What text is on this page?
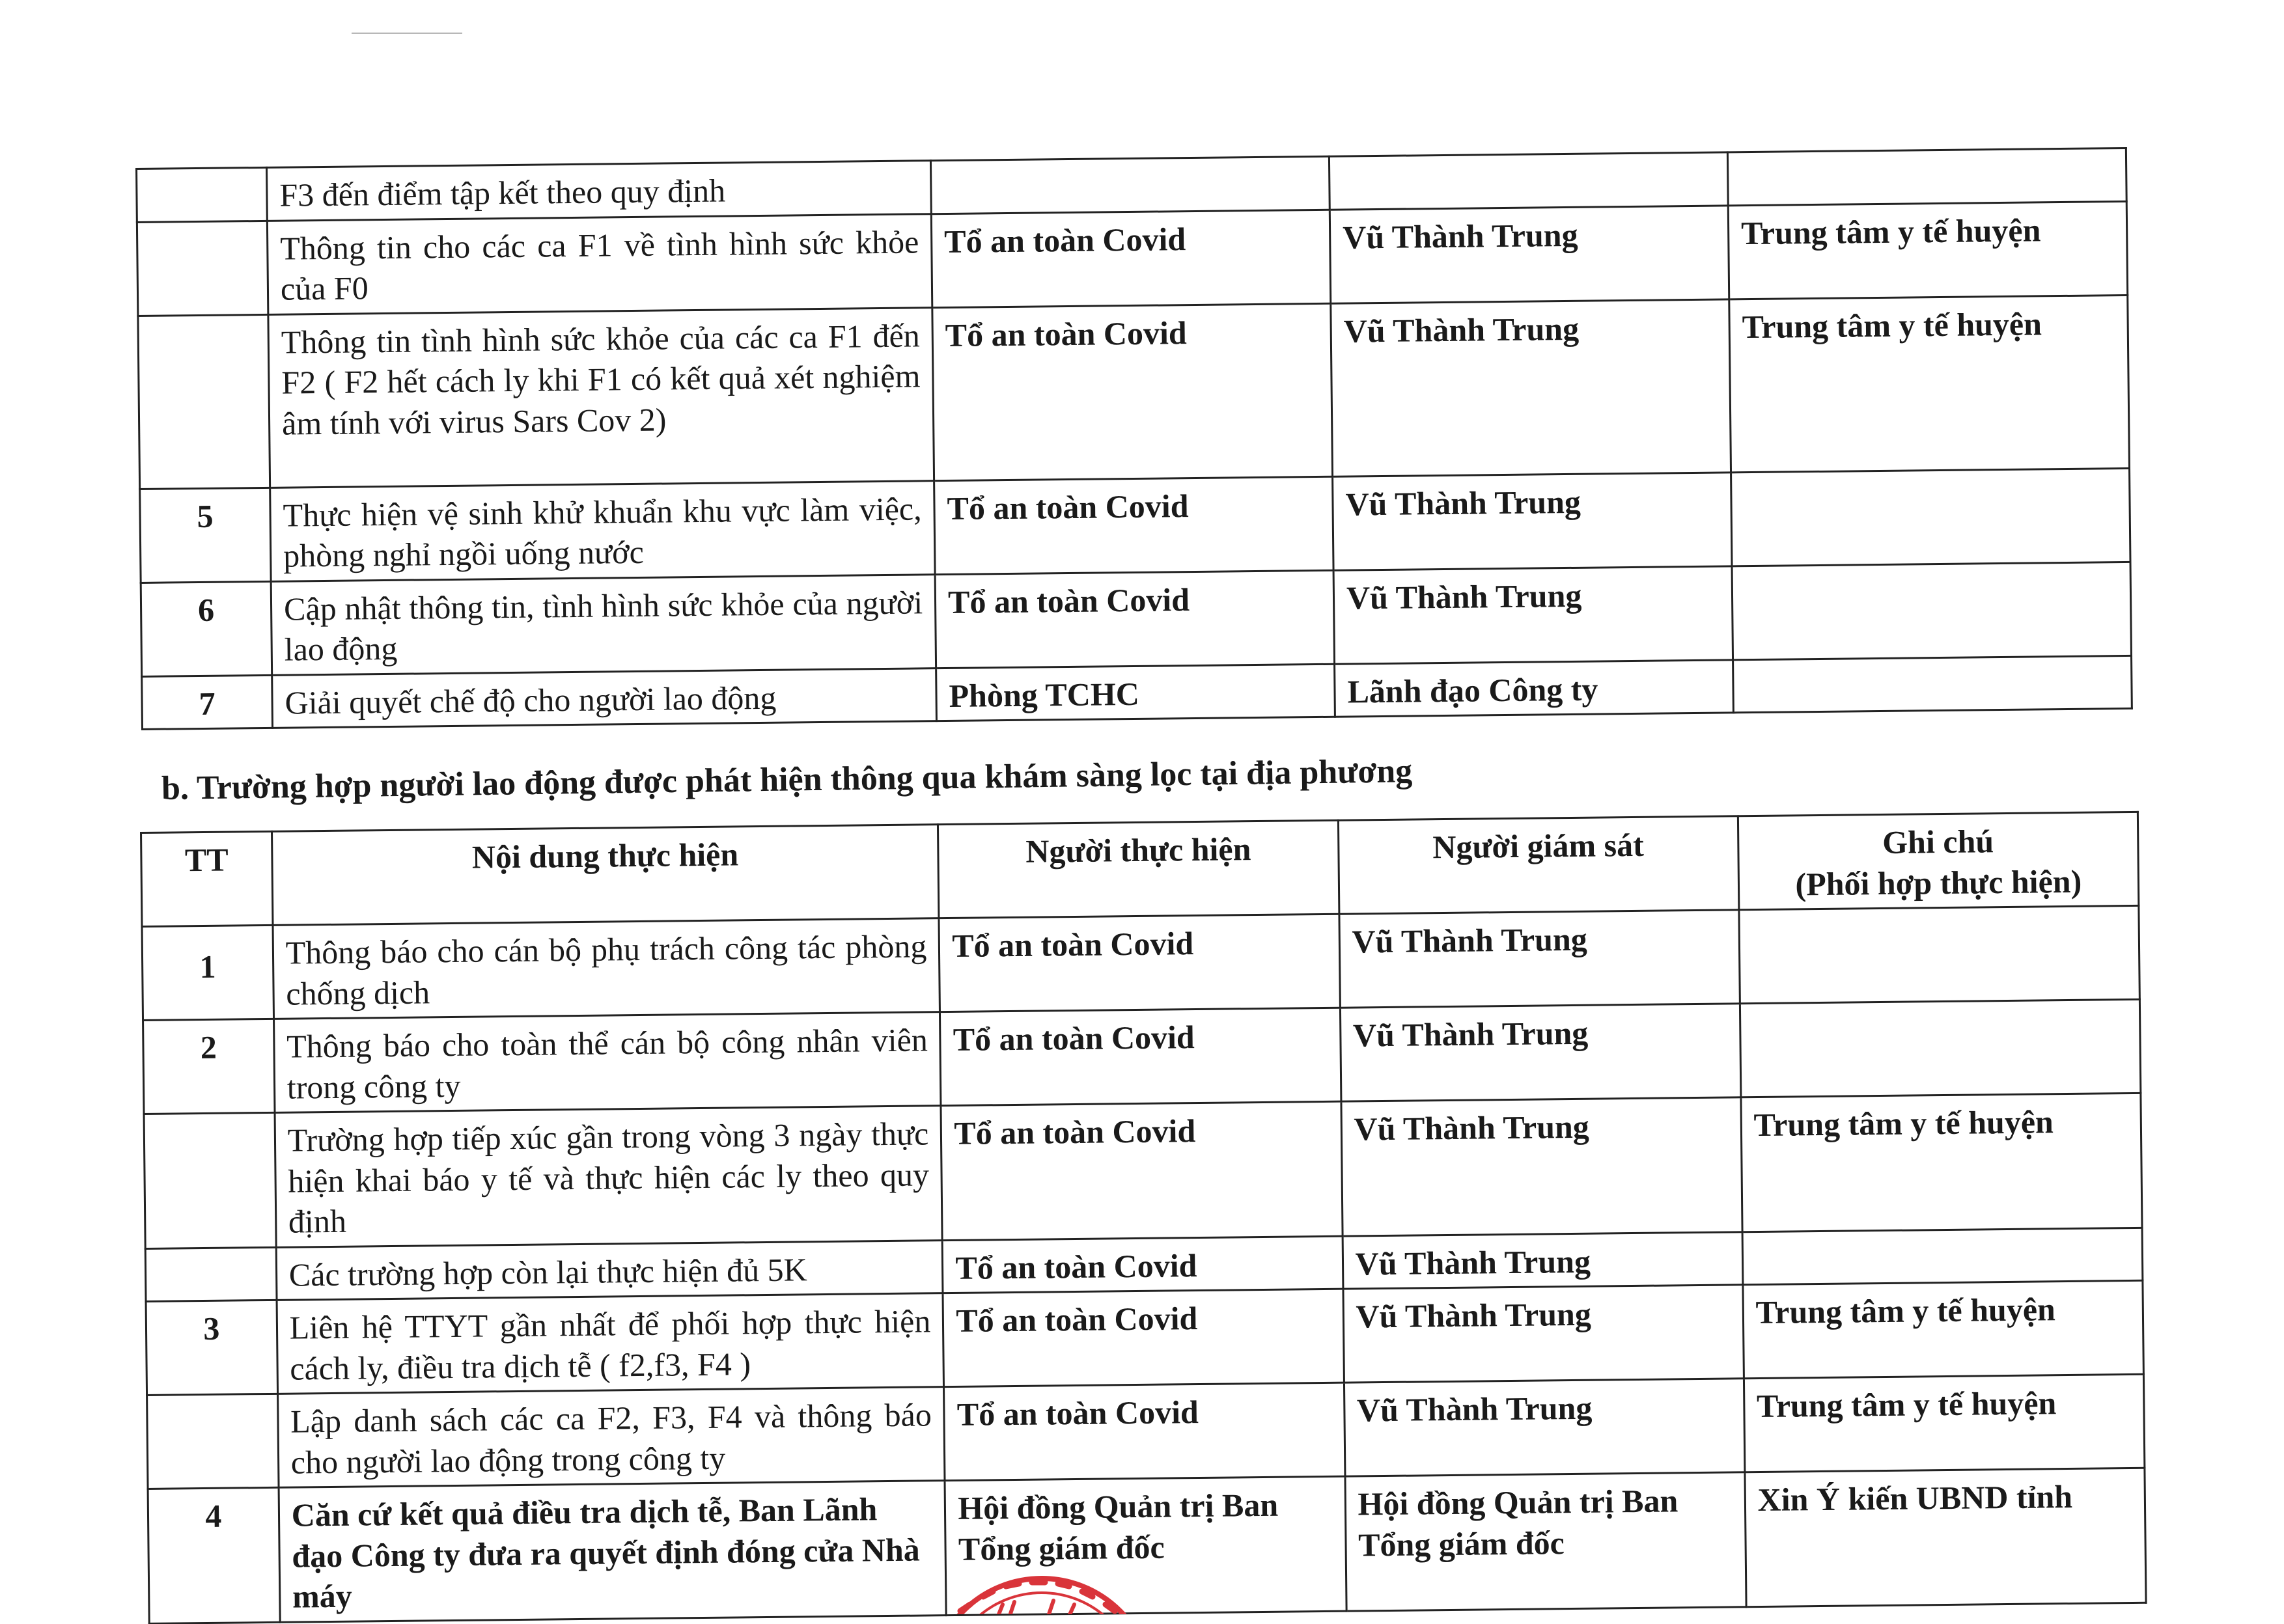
	F3 đến điểm tập kết theo quy định			
	Thông tin cho các ca F1 về tình hình sức khỏe của F0	Tổ an toàn Covid	Vũ Thành Trung	Trung tâm y tế huyện
	Thông tin tình hình sức khỏe của các ca F1 đến F2 ( F2 hết cách ly khi F1 có kết quả xét nghiệm âm tính với virus Sars Cov 2)	Tổ an toàn Covid	Vũ Thành Trung	Trung tâm y tế huyện
5	Thực hiện vệ sinh khử khuẩn khu vực làm việc, phòng nghỉ ngồi uống nước	Tổ an toàn Covid	Vũ Thành Trung	
6	Cập nhật thông tin, tình hình sức khỏe của người lao động	Tổ an toàn Covid	Vũ Thành Trung	
7	Giải quyết chế độ cho người lao động	Phòng TCHC	Lãnh đạo Công ty	
b. Trường hợp người lao động được phát hiện thông qua khám sàng lọc tại địa phương
TT	Nội dung thực hiện	Người thực hiện	Người giám sát	Ghi chú
(Phối hợp thực hiện)

1	Thông báo cho cán bộ phụ trách công tác phòng chống dịch	Tổ an toàn Covid	Vũ Thành Trung	
2	Thông báo cho toàn thể cán bộ công nhân viên trong công ty	Tổ an toàn Covid	Vũ Thành Trung	
	Trường hợp tiếp xúc gần trong vòng 3 ngày thực hiện khai báo y tế và thực hiện các ly theo quy định	Tổ an toàn Covid	Vũ Thành Trung	Trung tâm y tế huyện
	Các trường hợp còn lại thực hiện đủ 5K	Tổ an toàn Covid	Vũ Thành Trung	
3	Liên hệ TTYT gần nhất để phối hợp thực hiện cách ly, điều tra dịch tễ ( f2,f3, F4 )	Tổ an toàn Covid	Vũ Thành Trung	Trung tâm y tế huyện
	Lập danh sách các ca F2, F3, F4 và thông báo cho người lao động trong công ty	Tổ an toàn Covid	Vũ Thành Trung	Trung tâm y tế huyện
4	Căn cứ kết quả điều tra dịch tễ, Ban Lãnh đạo Công ty đưa ra quyết định đóng cửa Nhà máy	Hội đồng Quản trị Ban Tổng giám đốc	Hội đồng Quản trị Ban Tổng giám đốc	Xin Ý kiến UBND tỉnh
